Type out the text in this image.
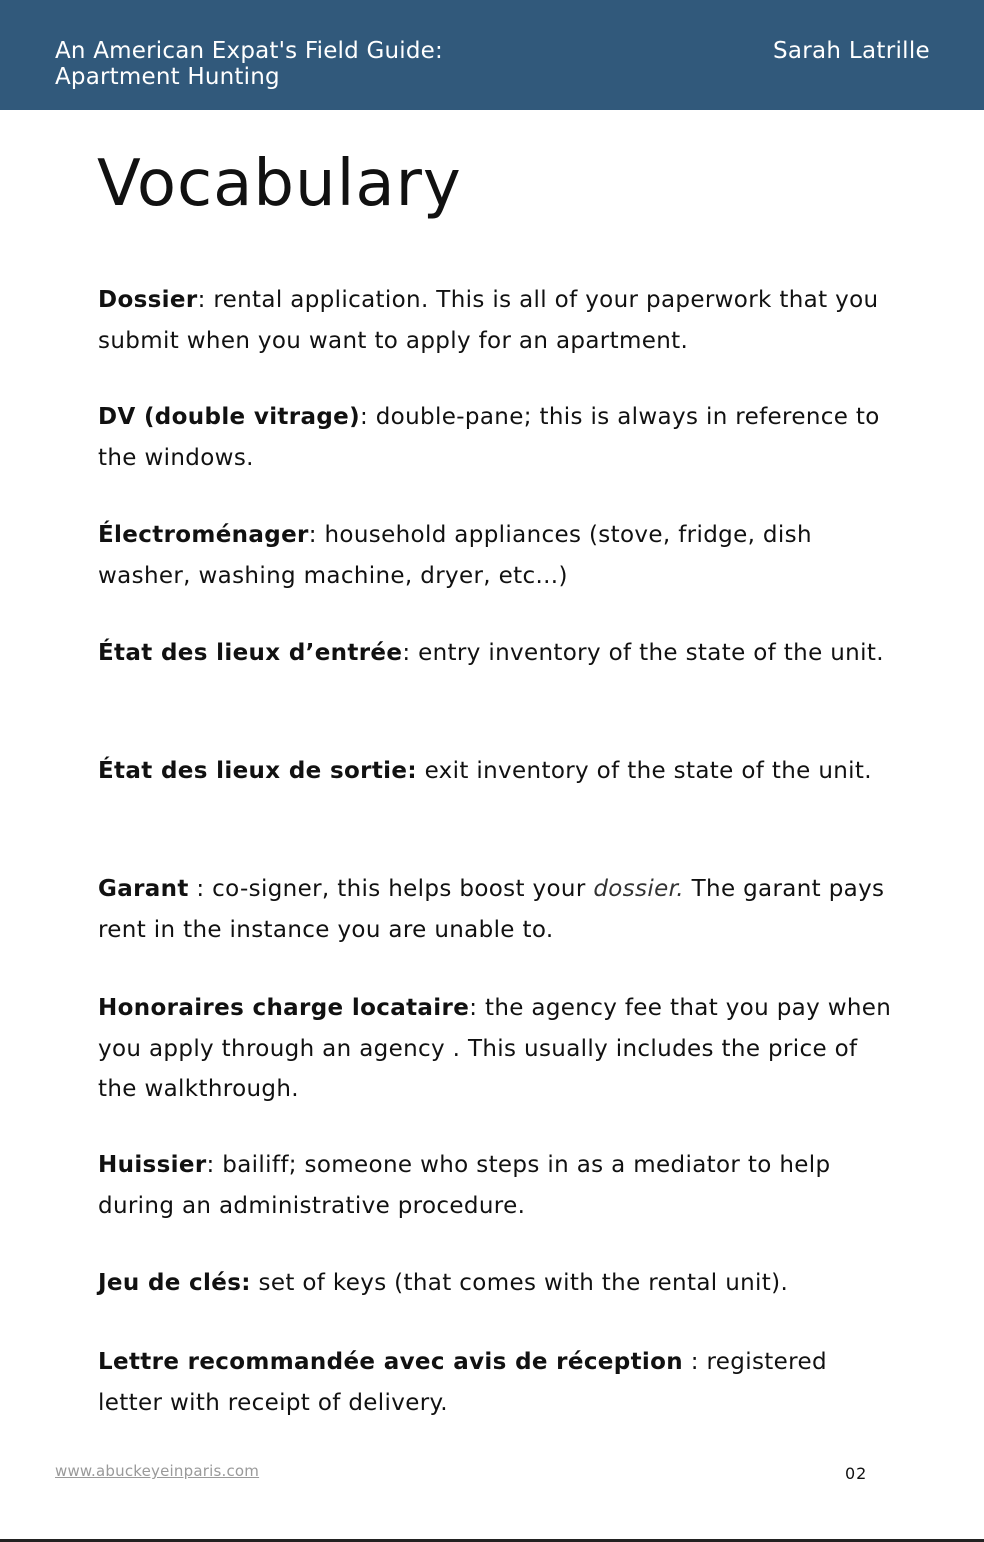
An American Expat's Field Guide:
Apartment Hunting
Sarah Latrille
Vocabulary

Dossier: rental application. This is all of your paperwork that you submit when you want to apply for an apartment.

DV (double vitrage): double-pane; this is always in reference to the windows.

Électroménager: household appliances (stove, fridge, dish washer, washing machine, dryer, etc...)

État des lieux d’entrée: entry inventory of the state of the unit.

État des lieux de sortie: exit inventory of the state of the unit.

Garant : co-signer, this helps boost your dossier. The garant pays rent in the instance you are unable to.

Honoraires charge locataire: the agency fee that you pay when you apply through an agency . This usually includes the price of the walkthrough.

Huissier: bailiff; someone who steps in as a mediator to help during an administrative procedure.

Jeu de clés: set of keys (that comes with the rental unit).

Lettre recommandée avec avis de réception : registered letter with receipt of delivery.

www.abuckeyeinparis.com	02
